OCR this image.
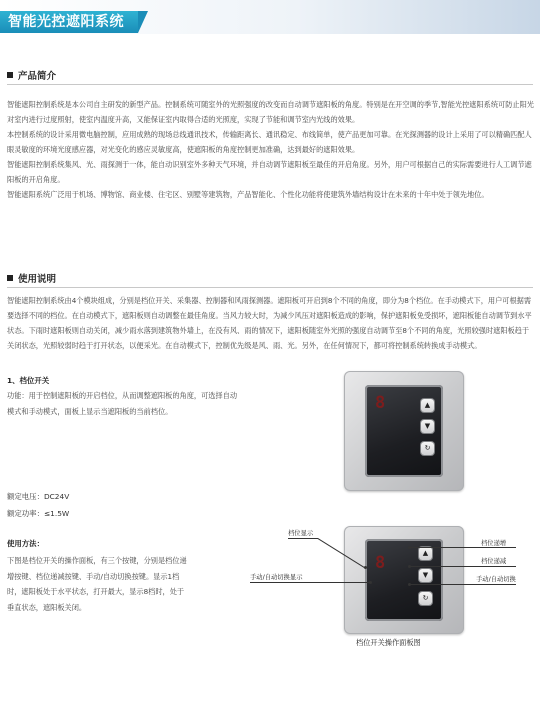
智能光控遮阳系统
产品简介

智能遮阳控制系统是本公司自主研发的新型产品。控制系统可随室外的光照强度的改变而自动调节遮阳板的角度。特别是在开空调的季节,智能光控遮阳系统可防止阳光对室内进行过度照射，使室内温度升高，又能保证室内取得合适的光照度，实现了节能和调节室内光线的效果。

本控制系统的设计采用微电脑控制，应用成熟的现场总线通讯技术，传输距离长、通讯稳定、布线简单，使产品更加可靠。在光探测器的设计上采用了可以精确匹配人眼灵敏度的环境光度感应器，对光变化的感应灵敏度高，使遮阳板的角度控制更加准确，达到最好的遮阳效果。

智能遮阳控制系统集风、光、雨探测于一体，能自动识别室外多种天气环境，并自动调节遮阳板至最佳的开启角度。另外，用户可根据自己的实际需要进行人工调节遮阳板的开启角度。

智能遮阳系统广泛用于机场、博物馆、商业楼、住宅区、别墅等建筑物，产品智能化、个性化功能将使建筑外墙结构设计在未来的十年中处于领先地位。

使用说明

智能遮阳控制系统由4个模块组成，分别是档位开关、采集器、控制器和风雨探测器。遮阳板可开启到8个不同的角度，即分为8个档位。在手动模式下，用户可根据需要选择不同的档位。在自动模式下，遮阳板则自动调整在最佳角度。当风力较大时，为减少风压对遮阳板造成的影响，保护遮阳板免受损坏，遮阳板能自动调节到水平状态。下雨时遮阳板则自动关闭，减少雨水落到建筑物外墙上，在没有风、雨的情况下，遮阳板随室外光照的强度自动调节至8个不同的角度，光照较强时遮阳板趋于关闭状态，光照较弱时趋于打开状态，以便采光。在自动模式下，控制优先级是风、雨、光。另外，在任何情况下，都可将控制系统转换成手动模式。

1、档位开关
功能：用于控制遮阳板的开启档位，从而调整遮阳板的角度，可选择自动
模式和手动模式，面板上显示当遮阳板的当前档位。
额定电压：DC24V
额定功率：≤1.5W
使用方法：
下图是档位开关的操作面板，有三个按键，分别是档位递
增按键、档位递减按键、手动/自动切换按键。显示1档
时，遮阳板处于水平状态，打开最大，显示8档时，处于
垂直状态，遮阳板关闭。
8	▲
▼
↻
8	▲
▼
↻
档位显示
档位递增
档位递减
手动/自动切换显示	手动/自动切换
档位开关操作面板图
